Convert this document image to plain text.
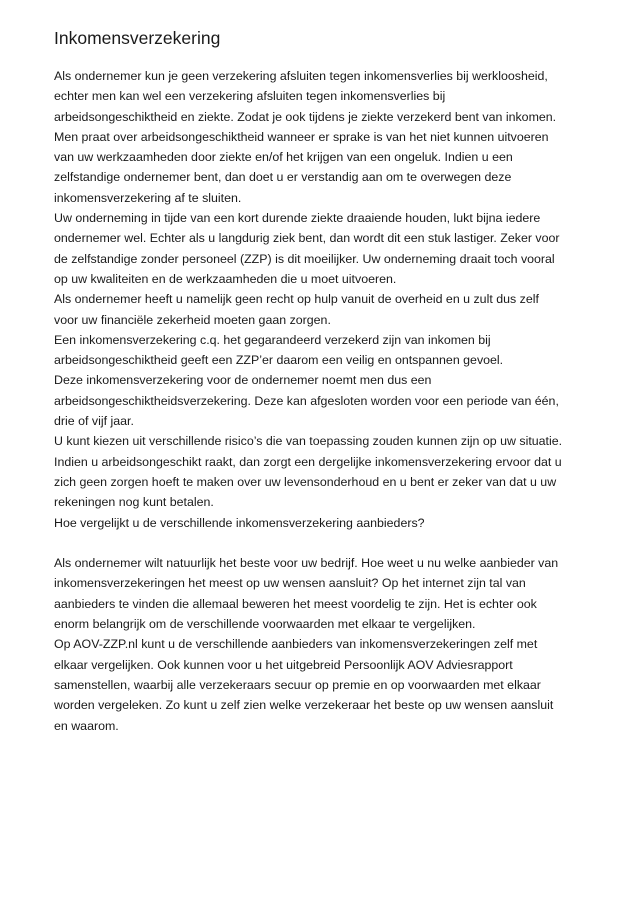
Inkomensverzekering
Als ondernemer kun je geen verzekering afsluiten tegen inkomensverlies bij werkloosheid,
echter men kan wel een verzekering afsluiten tegen inkomensverlies bij
arbeidsongeschiktheid en ziekte. Zodat je ook tijdens je ziekte verzekerd bent van inkomen.
Men praat over arbeidsongeschiktheid wanneer er sprake is van het niet kunnen uitvoeren
van uw werkzaamheden door ziekte en/of het krijgen van een ongeluk. Indien u een
zelfstandige ondernemer bent, dan doet u er verstandig aan om te overwegen deze
inkomensverzekering af te sluiten.
Uw onderneming in tijde van een kort durende ziekte draaiende houden, lukt bijna iedere
ondernemer wel. Echter als u langdurig ziek bent, dan wordt dit een stuk lastiger. Zeker voor
de zelfstandige zonder personeel (ZZP) is dit moeilijker. Uw onderneming draait toch vooral
op uw kwaliteiten en de werkzaamheden die u moet uitvoeren.
Als ondernemer heeft u namelijk geen recht op hulp vanuit de overheid en u zult dus zelf
voor uw financiële zekerheid moeten gaan zorgen.
Een inkomensverzekering c.q. het gegarandeerd verzekerd zijn van inkomen bij
arbeidsongeschiktheid geeft een ZZP’er daarom een veilig en ontspannen gevoel.
Deze inkomensverzekering voor de ondernemer noemt men dus een
arbeidsongeschiktheidsverzekering. Deze kan afgesloten worden voor een periode van één,
drie of vijf jaar.
U kunt kiezen uit verschillende risico’s die van toepassing zouden kunnen zijn op uw situatie.
Indien u arbeidsongeschikt raakt, dan zorgt een dergelijke inkomensverzekering ervoor dat u
zich geen zorgen hoeft te maken over uw levensonderhoud en u bent er zeker van dat u uw
rekeningen nog kunt betalen.
Hoe vergelijkt u de verschillende inkomensverzekering aanbieders?
Als ondernemer wilt natuurlijk het beste voor uw bedrijf. Hoe weet u nu welke aanbieder van
inkomensverzekeringen het meest op uw wensen aansluit? Op het internet zijn tal van
aanbieders te vinden die allemaal beweren het meest voordelig te zijn. Het is echter ook
enorm belangrijk om de verschillende voorwaarden met elkaar te vergelijken.
Op AOV-ZZP.nl kunt u de verschillende aanbieders van inkomensverzekeringen zelf met
elkaar vergelijken. Ook kunnen voor u het uitgebreid Persoonlijk AOV Adviesrapport
samenstellen, waarbij alle verzekeraars secuur op premie en op voorwaarden met elkaar
worden vergeleken. Zo kunt u zelf zien welke verzekeraar het beste op uw wensen aansluit
en waarom.
